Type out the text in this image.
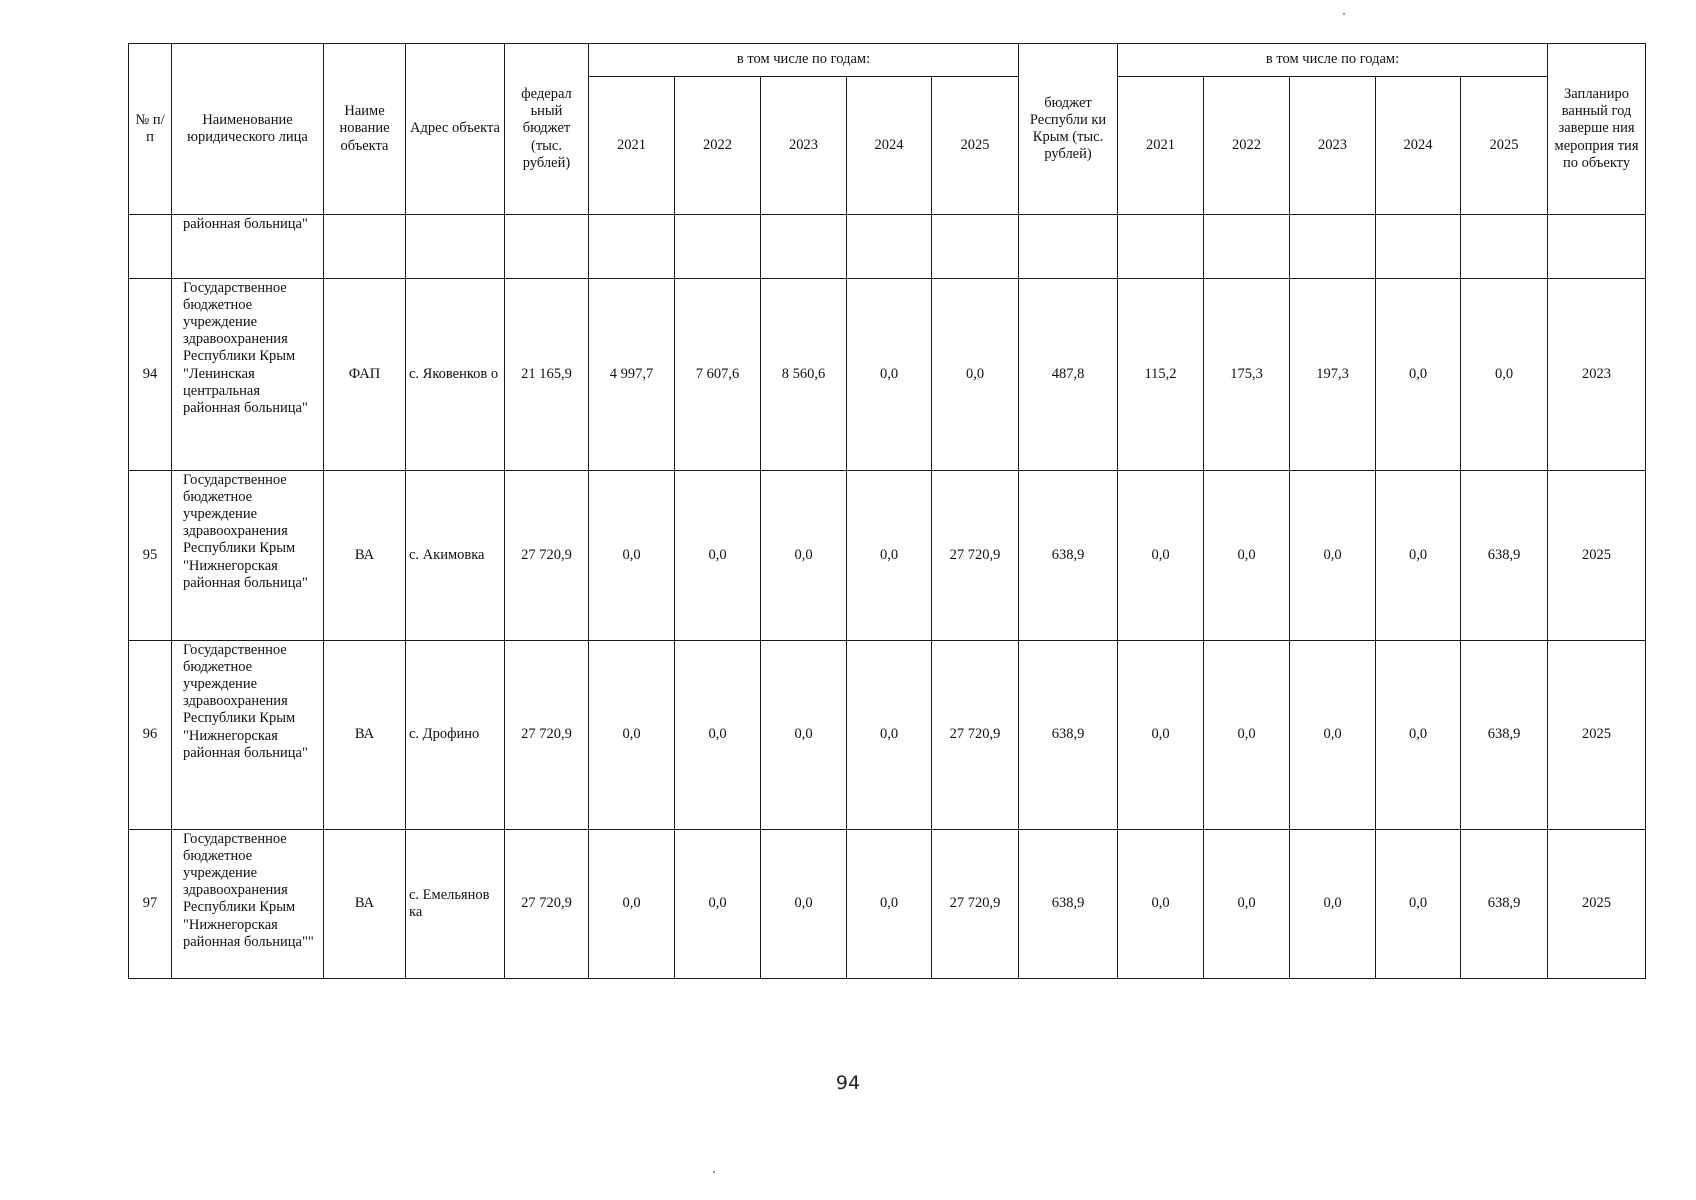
№ п/п	Наименование юридического лица	Наиме нование объекта	Адрес объекта	федерал ьный бюджет (тыс. рублей)	в том числе по годам:					бюджет Республи ки Крым (тыс. рублей)	в том числе по годам:					Запланиро ванный год заверше ния мероприя тия по объекту
					2021	2022	2023	2024	2025		2021	2022	2023	2024	2025	
	районная больница"															
94	Государственное бюджетное учреждение здравоохранения Республики Крым "Ленинская центральная районная больница"	ФАП	с. Яковенков о	21 165,9	4 997,7	7 607,6	8 560,6	0,0	0,0	487,8	115,2	175,3	197,3	0,0	0,0	2023
95	Государственное бюджетное учреждение здравоохранения Республики Крым "Нижнегорская районная больница"	ВА	с. Акимовка	27 720,9	0,0	0,0	0,0	0,0	27 720,9	638,9	0,0	0,0	0,0	0,0	638,9	2025
96	Государственное бюджетное учреждение здравоохранения Республики Крым "Нижнегорская районная больница"	ВА	с. Дрофино	27 720,9	0,0	0,0	0,0	0,0	27 720,9	638,9	0,0	0,0	0,0	0,0	638,9	2025
97	Государственное бюджетное учреждение здравоохранения Республики Крым "Нижнегорская районная больница""	ВА	с. Емельянов ка	27 720,9	0,0	0,0	0,0	0,0	27 720,9	638,9	0,0	0,0	0,0	0,0	638,9	2025
94
